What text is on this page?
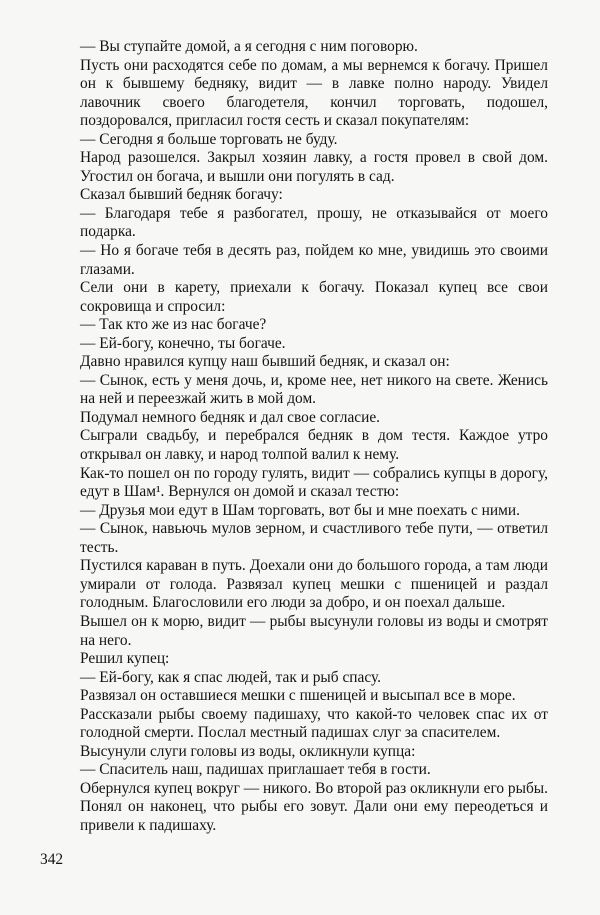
— Вы ступайте домой, а я сегодня с ним поговорю.

Пусть они расходятся себе по домам, а мы вернемся к богачу. Пришел он к бывшему бедняку, видит — в лавке полно народу. Увидел лавочник своего благодетеля, кончил торговать, подошел, поздоровался, пригласил гостя сесть и сказал покупателям:

— Сегодня я больше торговать не буду.

Народ разошелся. Закрыл хозяин лавку, а гостя провел в свой дом. Угостил он богача, и вышли они погулять в сад.

Сказал бывший бедняк богачу:

— Благодаря тебе я разбогател, прошу, не отказывайся от моего подарка.

— Но я богаче тебя в десять раз, пойдем ко мне, увидишь это своими глазами.

Сели они в карету, приехали к богачу. Показал купец все свои сокровища и спросил:

— Так кто же из нас богаче?

— Ей-богу, конечно, ты богаче.

Давно нравился купцу наш бывший бедняк, и сказал он:

— Сынок, есть у меня дочь, и, кроме нее, нет никого на свете. Женись на ней и переезжай жить в мой дом.

Подумал немного бедняк и дал свое согласие.

Сыграли свадьбу, и перебрался бедняк в дом тестя. Каждое утро открывал он лавку, и народ толпой валил к нему.

Как-то пошел он по городу гулять, видит — собрались купцы в дорогу, едут в Шам¹. Вернулся он домой и сказал тестю:

— Друзья мои едут в Шам торговать, вот бы и мне поехать с ними.

— Сынок, навьючь мулов зерном, и счастливого тебе пути, — ответил тесть.

Пустился караван в путь. Доехали они до большого города, а там люди умирали от голода. Развязал купец мешки с пшеницей и раздал голодным. Благословили его люди за добро, и он поехал дальше.

Вышел он к морю, видит — рыбы высунули головы из воды и смотрят на него.

Решил купец:

— Ей-богу, как я спас людей, так и рыб спасу.

Развязал он оставшиеся мешки с пшеницей и высыпал все в море.

Рассказали рыбы своему падишаху, что какой-то человек спас их от голодной смерти. Послал местный падишах слуг за спасителем.

Высунули слуги головы из воды, окликнули купца:

— Спаситель наш, падишах приглашает тебя в гости.

Обернулся купец вокруг — никого. Во второй раз окликнули его рыбы. Понял он наконец, что рыбы его зовут. Дали они ему переодеться и привели к падишаху.

342
